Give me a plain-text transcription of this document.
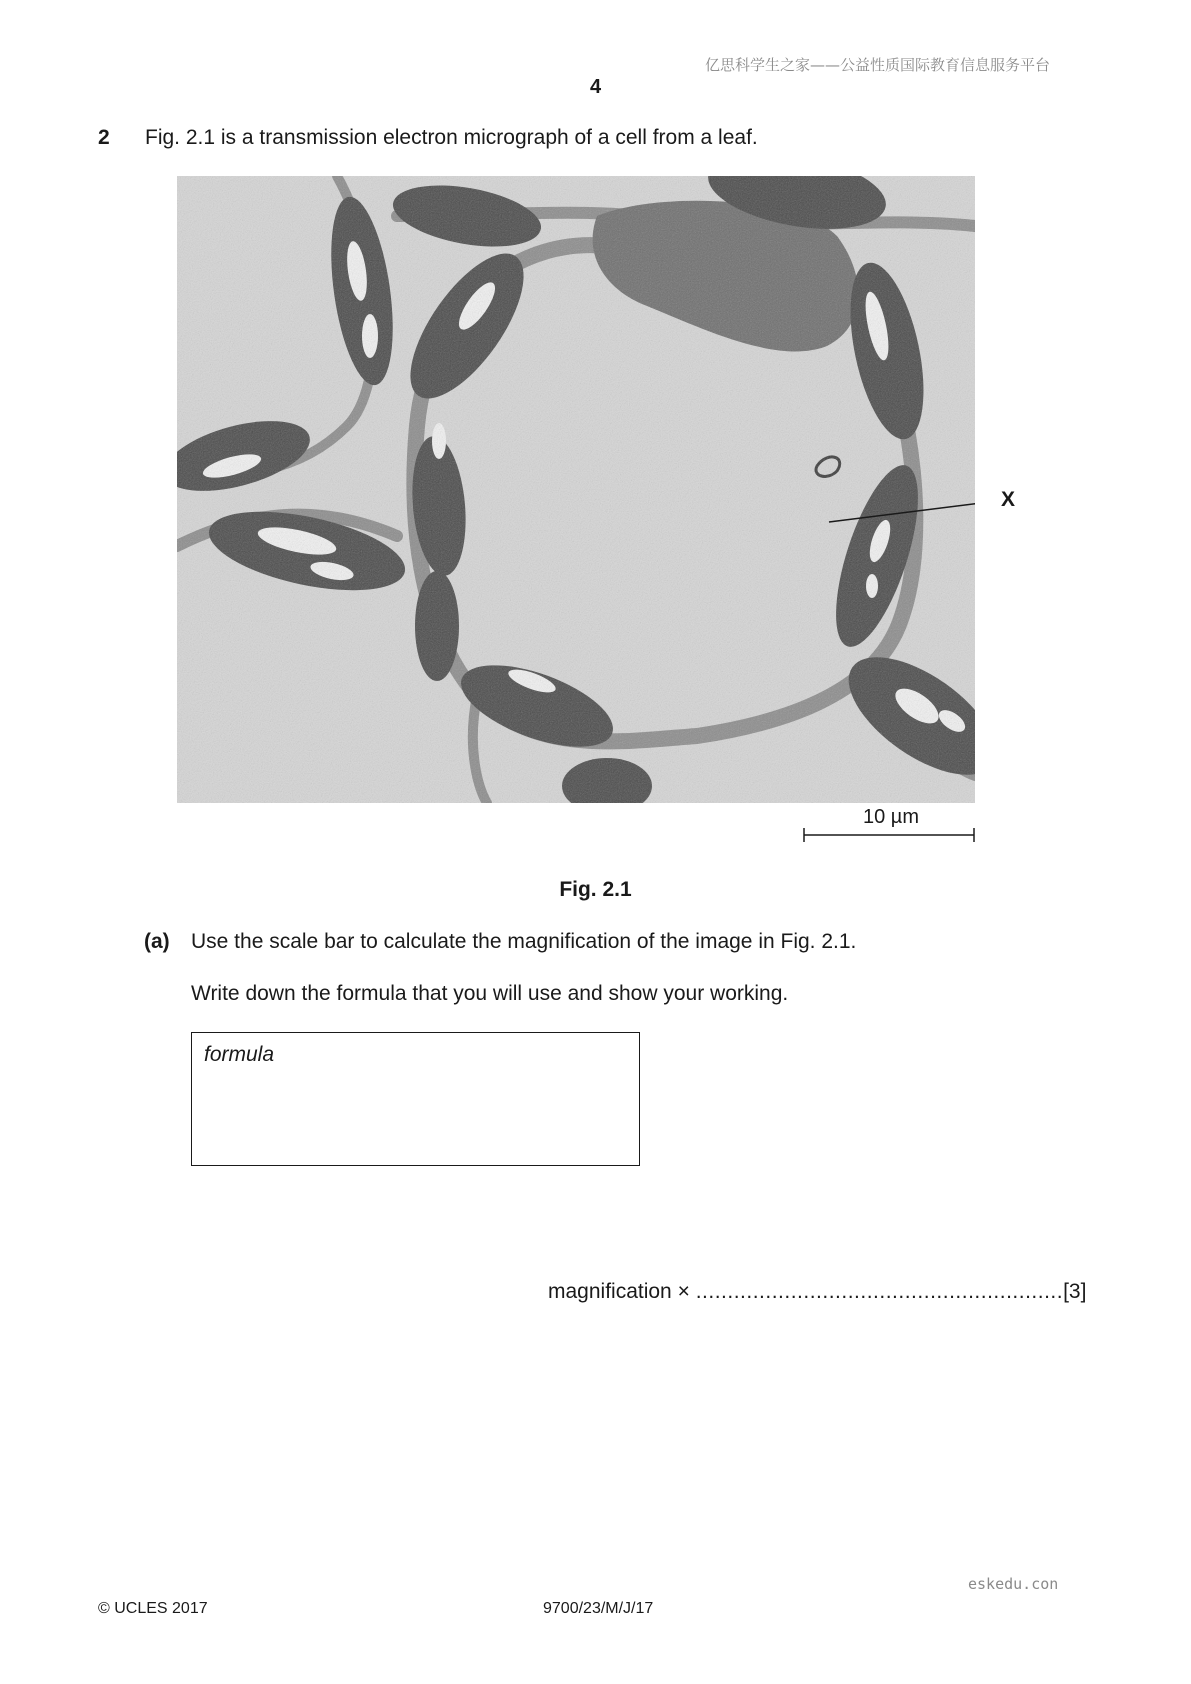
亿思科学生之家——公益性质国际教育信息服务平台
4
2 Fig. 2.1 is a transmission electron micrograph of a cell from a leaf.
X
10 µm
Fig. 2.1
(a) Use the scale bar to calculate the magnification of the image in Fig. 2.1.
Write down the formula that you will use and show your working.
formula
magnification × ..........................................................[3]
eskedu.con
© UCLES 2017	9700/23/M/J/17
